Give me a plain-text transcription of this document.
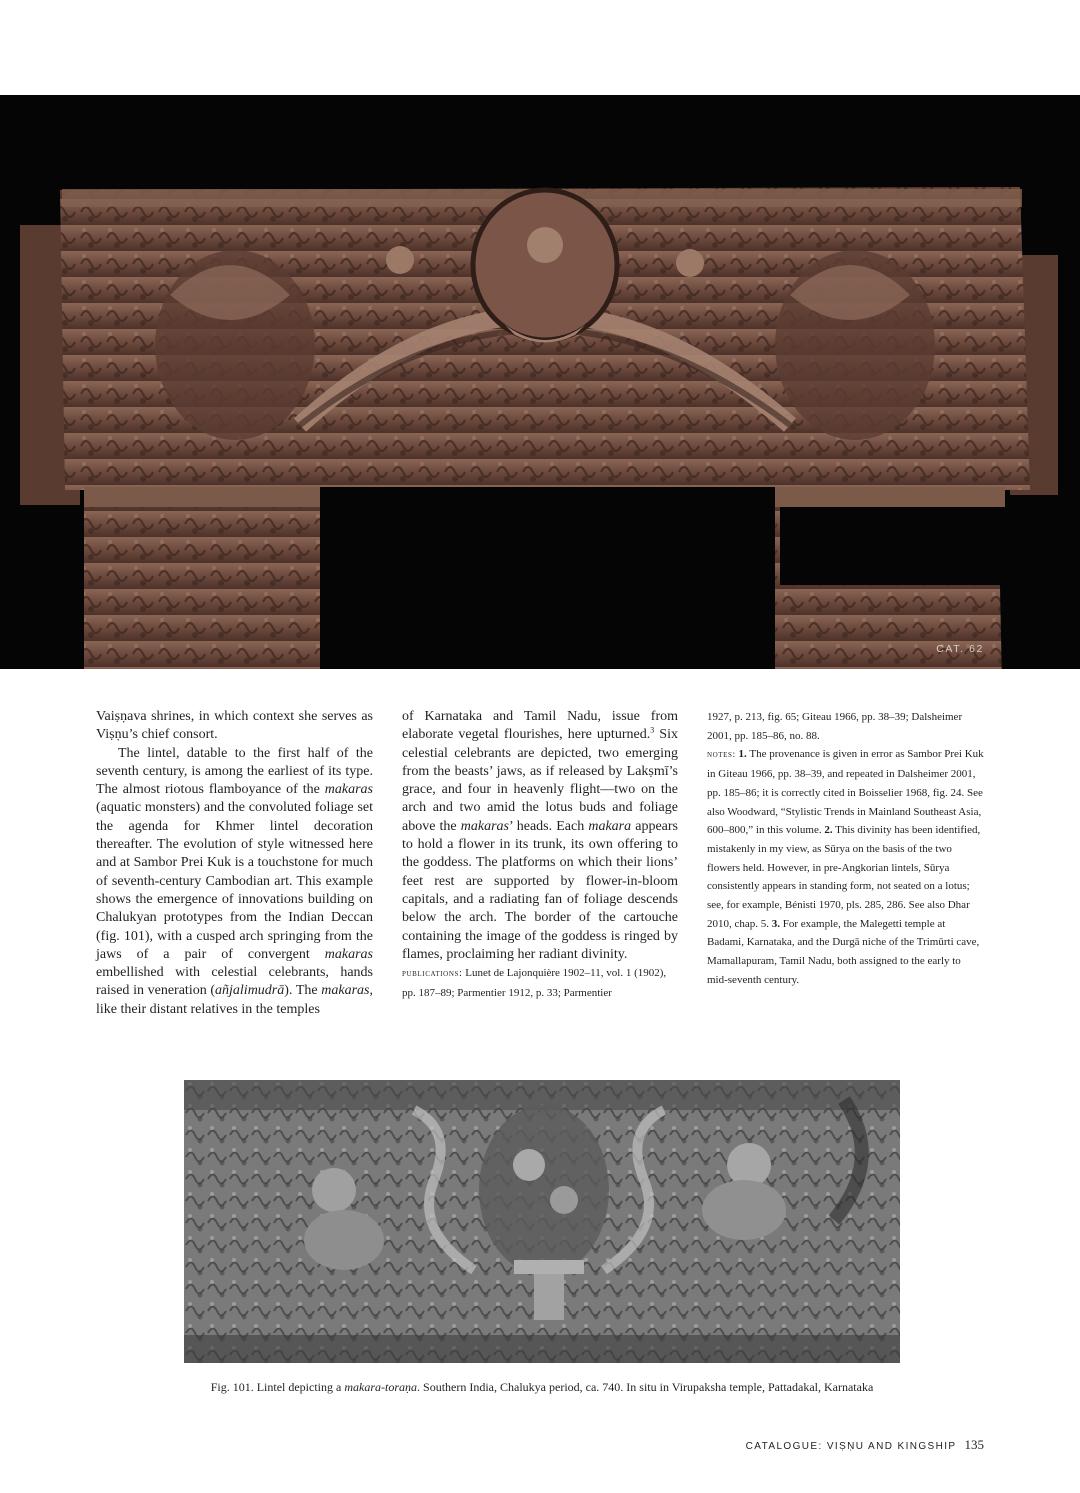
CAT. 62

Vaiṣṇava shrines, in which context she serves as Viṣṇu’s chief consort.

The lintel, datable to the first half of the seventh century, is among the earliest of its type. The almost riotous flamboyance of the makaras (aquatic monsters) and the convoluted foliage set the agenda for Khmer lintel decoration thereafter. The evolution of style witnessed here and at Sambor Prei Kuk is a touchstone for much of seventh-century Cambodian art. This example shows the emergence of innovations building on Chalukyan prototypes from the Indian Deccan (fig. 101), with a cusped arch springing from the jaws of a pair of convergent makaras embellished with celestial celebrants, hands raised in veneration (añjalimudrā). The makaras, like their distant relatives in the temples

of Karnataka and Tamil Nadu, issue from elaborate vegetal flourishes, here upturned.$^3$ Six celestial celebrants are depicted, two emerging from the beasts’ jaws, as if released by Lakṣmī’s grace, and four in heavenly flight—two on the arch and two amid the lotus buds and foliage above the makaras’ heads. Each makara appears to hold a flower in its trunk, its own offering to the goddess. The platforms on which their lions’ feet rest are supported by flower-in-bloom capitals, and a radiating fan of foliage descends below the arch. The border of the cartouche containing the image of the goddess is ringed by flames, proclaiming her radiant divinity.

publications: Lunet de Lajonquière 1902–11, vol. 1 (1902), pp. 187–89; Parmentier 1912, p. 33; Parmentier

1927, p. 213, fig. 65; Giteau 1966, pp. 38–39; Dalsheimer 2001, pp. 185–86, no. 88.

notes: 1. The provenance is given in error as Sambor Prei Kuk in Giteau 1966, pp. 38–39, and repeated in Dalsheimer 2001, pp. 185–86; it is correctly cited in Boisselier 1968, fig. 24. See also Woodward, “Stylistic Trends in Mainland Southeast Asia, 600–800,” in this volume. 2. This divinity has been identified, mistakenly in my view, as Sūrya on the basis of the two flowers held. However, in pre-Angkorian lintels, Sūrya consistently appears in standing form, not seated on a lotus; see, for example, Bénisti 1970, pls. 285, 286. See also Dhar 2010, chap. 5. 3. For example, the Malegetti temple at Badami, Karnataka, and the Durgā niche of the Trimūrti cave, Mamallapuram, Tamil Nadu, both assigned to the early to mid-seventh century.

Fig. 101. Lintel depicting a makara-toraṇa. Southern India, Chalukya period, ca. 740. In situ in Virupaksha temple, Pattadakal, Karnataka
CATALOGUE: VIṢṆU AND KINGSHIP 135
